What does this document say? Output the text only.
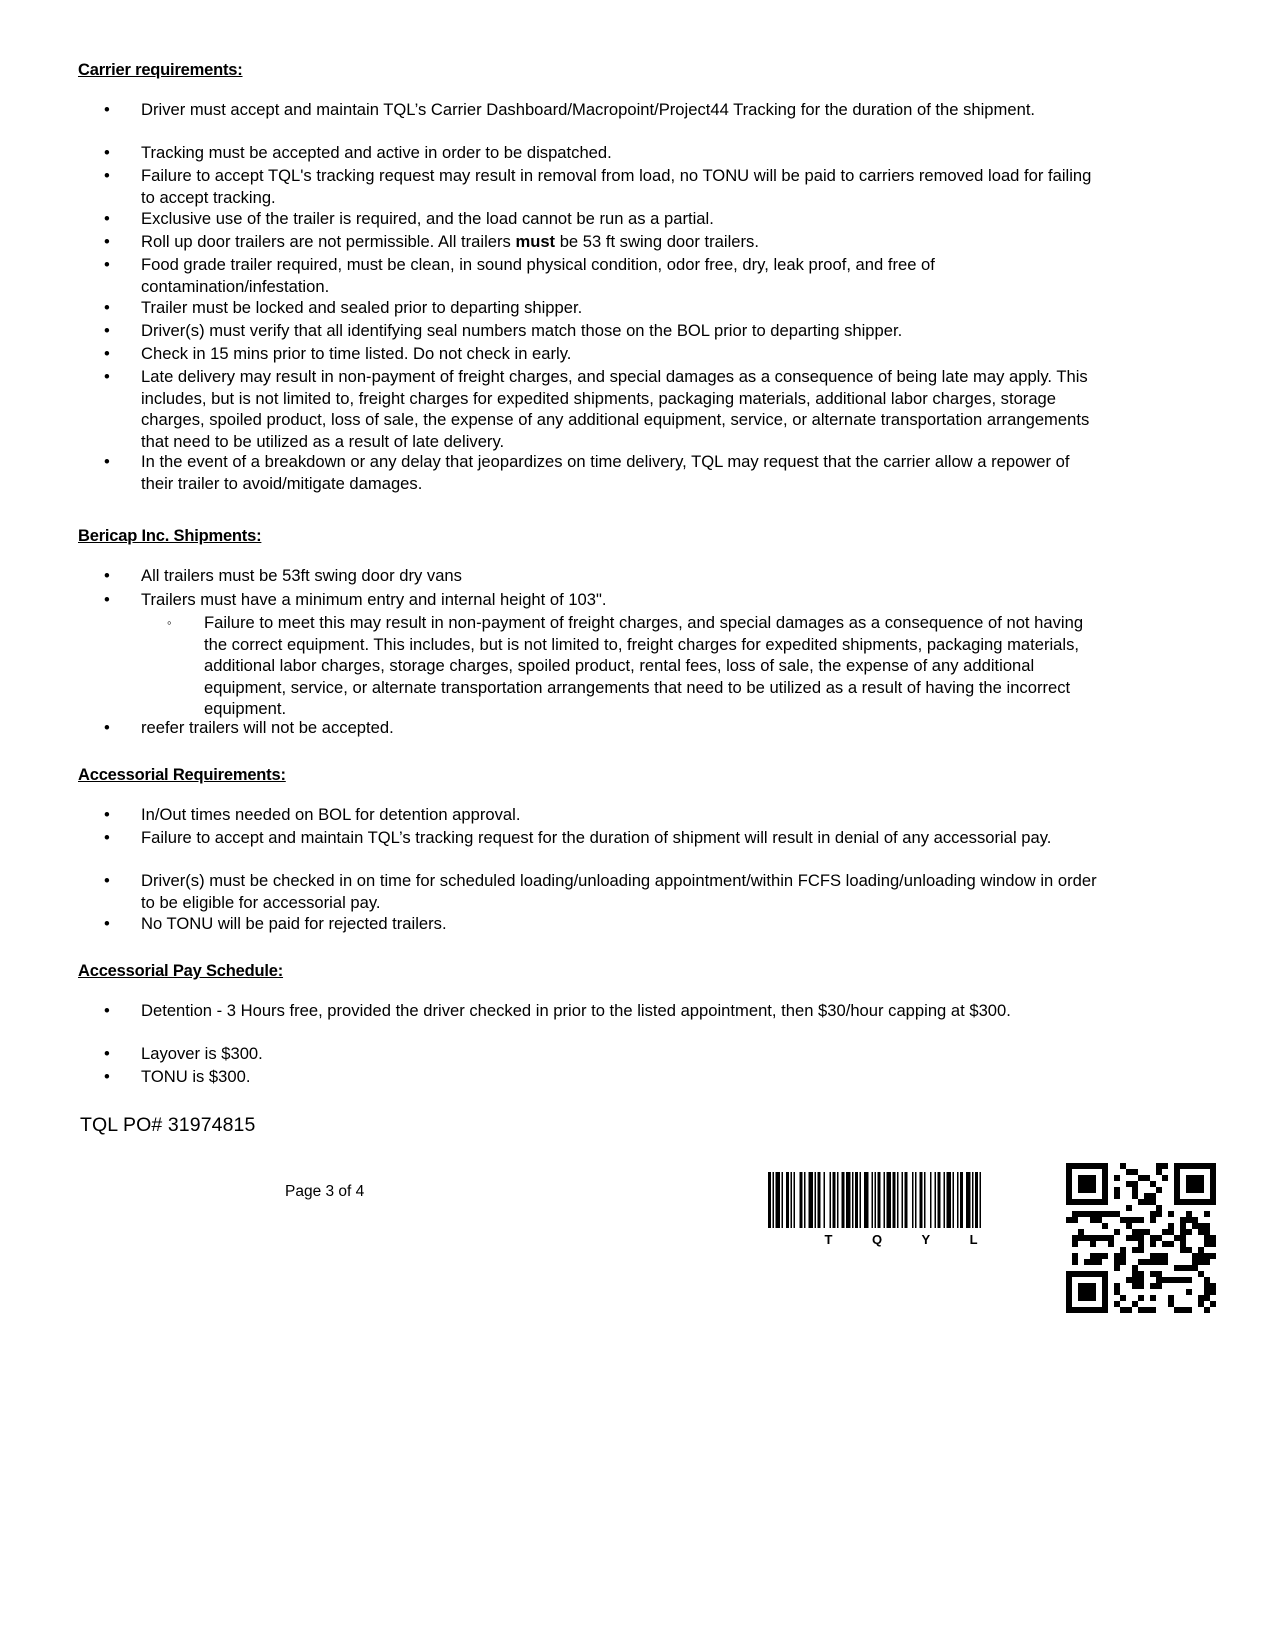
Carrier requirements:
• Driver must accept and maintain TQL’s Carrier Dashboard/Macropoint/Project44 Tracking for the duration of the shipment.
• Tracking must be accepted and active in order to be dispatched.
• Failure to accept TQL's tracking request may result in removal from load, no TONU will be paid to carriers removed load for failing to accept tracking.
• Exclusive use of the trailer is required, and the load cannot be run as a partial.
• Roll up door trailers are not permissible. All trailers must be 53 ft swing door trailers.
• Food grade trailer required, must be clean, in sound physical condition, odor free, dry, leak proof, and free of contamination/infestation.
• Trailer must be locked and sealed prior to departing shipper.
• Driver(s) must verify that all identifying seal numbers match those on the BOL prior to departing shipper.
• Check in 15 mins prior to time listed. Do not check in early.
• Late delivery may result in non-payment of freight charges, and special damages as a consequence of being late may apply. This includes, but is not limited to, freight charges for expedited shipments, packaging materials, additional labor charges, storage charges, spoiled product, loss of sale, the expense of any additional equipment, service, or alternate transportation arrangements that need to be utilized as a result of late delivery.
• In the event of a breakdown or any delay that jeopardizes on time delivery, TQL may request that the carrier allow a repower of their trailer to avoid/mitigate damages.
Bericap Inc. Shipments:
• All trailers must be 53ft swing door dry vans
• Trailers must have a minimum entry and internal height of 103".
◦ Failure to meet this may result in non-payment of freight charges, and special damages as a consequence of not having the correct equipment. This includes, but is not limited to, freight charges for expedited shipments, packaging materials, additional labor charges, storage charges, spoiled product, rental fees, loss of sale, the expense of any additional equipment, service, or alternate transportation arrangements that need to be utilized as a result of having the incorrect equipment.
• reefer trailers will not be accepted.
Accessorial Requirements:
• In/Out times needed on BOL for detention approval.
• Failure to accept and maintain TQL’s tracking request for the duration of shipment will result in denial of any accessorial pay.
• Driver(s) must be checked in on time for scheduled loading/unloading appointment/within FCFS loading/unloading window in order to be eligible for accessorial pay.
• No TONU will be paid for rejected trailers.
Accessorial Pay Schedule:
• Detention - 3 Hours free, provided the driver checked in prior to the listed appointment, then $30/hour capping at $300.
• Layover is $300.
• TONU is $300.
TQL PO# 31974815
Page 3 of 4
T Q Y L
